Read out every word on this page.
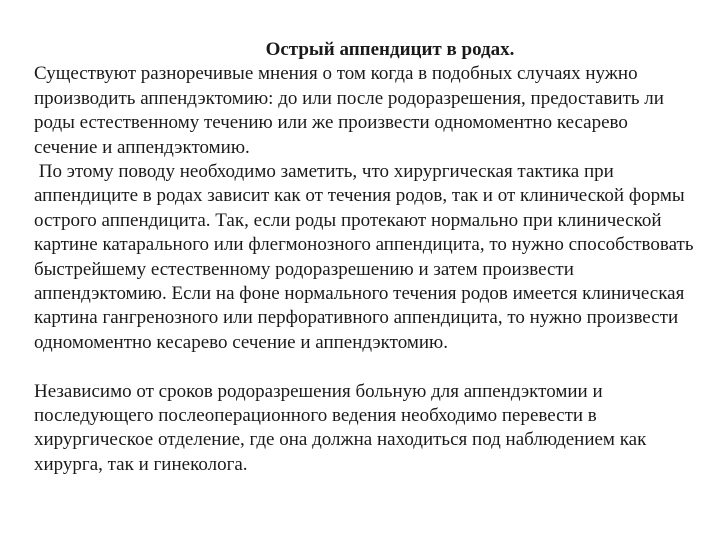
Острый аппендицит в родах.

Существуют разноречивые мнения о том когда в подобных случаях нужно производить аппендэктомию: до или после родоразрешения, предоставить ли роды естественному течению или же произвести одномоментно кесарево сечение и аппендэктомию.

По этому поводу необходимо заметить, что хирургическая тактика при аппендиците в родах зависит как от течения родов, так и от клинической формы острого аппендицита. Так, если роды протекают нормально при клинической картине катарального или флегмонозного аппендицита, то нужно способствовать быстрейшему естественному родоразрешению и затем произвести аппендэктомию. Если на фоне нормального течения родов имеется клиническая картина гангренозного или перфоративного аппендицита, то нужно произвести одномоментно кесарево сечение и аппендэктомию.

Независимо от сроков родоразрешения больную для аппендэктомии и последующего послеоперационного ведения необходимо перевести в хирургическое отделение, где она должна находиться под наблюдением как хирурга, так и гинеколога.
